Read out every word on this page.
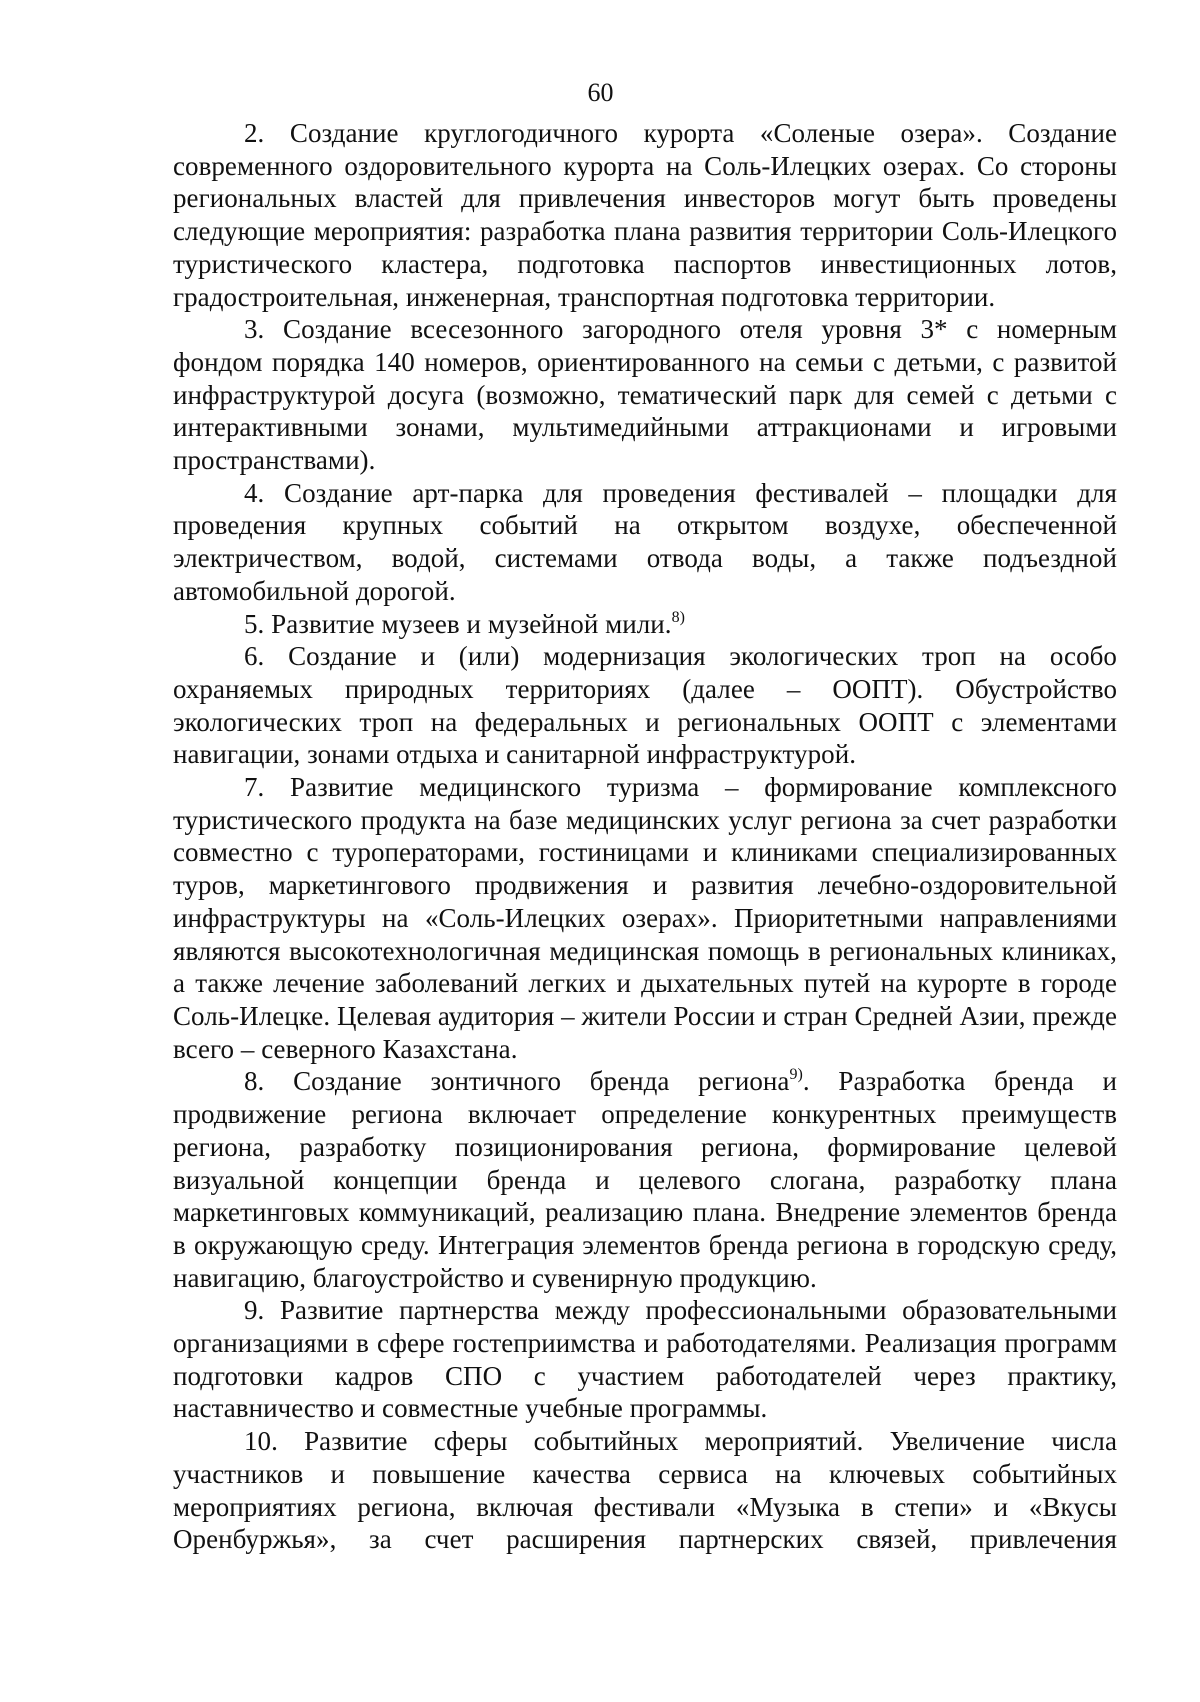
60

2. Создание круглогодичного курорта «Соленые озера». Создание современного оздоровительного курорта на Соль-Илецких озерах. Со стороны региональных властей для привлечения инвесторов могут быть проведены следующие мероприятия: разработка плана развития территории Соль-Илецкого туристического кластера, подготовка паспортов инвестиционных лотов, градостроительная, инженерная, транспортная подготовка территории.

3. Создание всесезонного загородного отеля уровня 3* с номерным фондом порядка 140 номеров, ориентированного на семьи с детьми, с развитой инфраструктурой досуга (возможно, тематический парк для семей с детьми с интерактивными зонами, мультимедийными аттракционами и игровыми пространствами).

4. Создание арт-парка для проведения фестивалей – площадки для проведения крупных событий на открытом воздухе, обеспеченной электричеством, водой, системами отвода воды, а также подъездной автомобильной дорогой.

5. Развитие музеев и музейной мили.$^{8)}$

6. Создание и (или) модернизация экологических троп на особо охраняемых природных территориях (далее – ООПТ). Обустройство экологических троп на федеральных и региональных ООПТ с элементами навигации, зонами отдыха и санитарной инфраструктурой.

7. Развитие медицинского туризма – формирование комплексного туристического продукта на базе медицинских услуг региона за счет разработки совместно с туроператорами, гостиницами и клиниками специализированных туров, маркетингового продвижения и развития лечебно-оздоровительной инфраструктуры на «Соль-Илецких озерах». Приоритетными направлениями являются высокотехнологичная медицинская помощь в региональных клиниках, а также лечение заболеваний легких и дыхательных путей на курорте в городе Соль-Илецке. Целевая аудитория – жители России и стран Средней Азии, прежде всего – северного Казахстана.

8. Создание зонтичного бренда региона$^{9)}$. Разработка бренда и продвижение региона включает определение конкурентных преимуществ региона, разработку позиционирования региона, формирование целевой визуальной концепции бренда и целевого слогана, разработку плана маркетинговых коммуникаций, реализацию плана. Внедрение элементов бренда в окружающую среду. Интеграция элементов бренда региона в городскую среду, навигацию, благоустройство и сувенирную продукцию.

9. Развитие партнерства между профессиональными образовательными организациями в сфере гостеприимства и работодателями. Реализация программ подготовки кадров СПО с участием работодателей через практику, наставничество и совместные учебные программы.

10. Развитие сферы событийных мероприятий. Увеличение числа участников и повышение качества сервиса на ключевых событийных мероприятиях региона, включая фестивали «Музыка в степи» и «Вкусы Оренбуржья», за счет расширения партнерских связей, привлечения
